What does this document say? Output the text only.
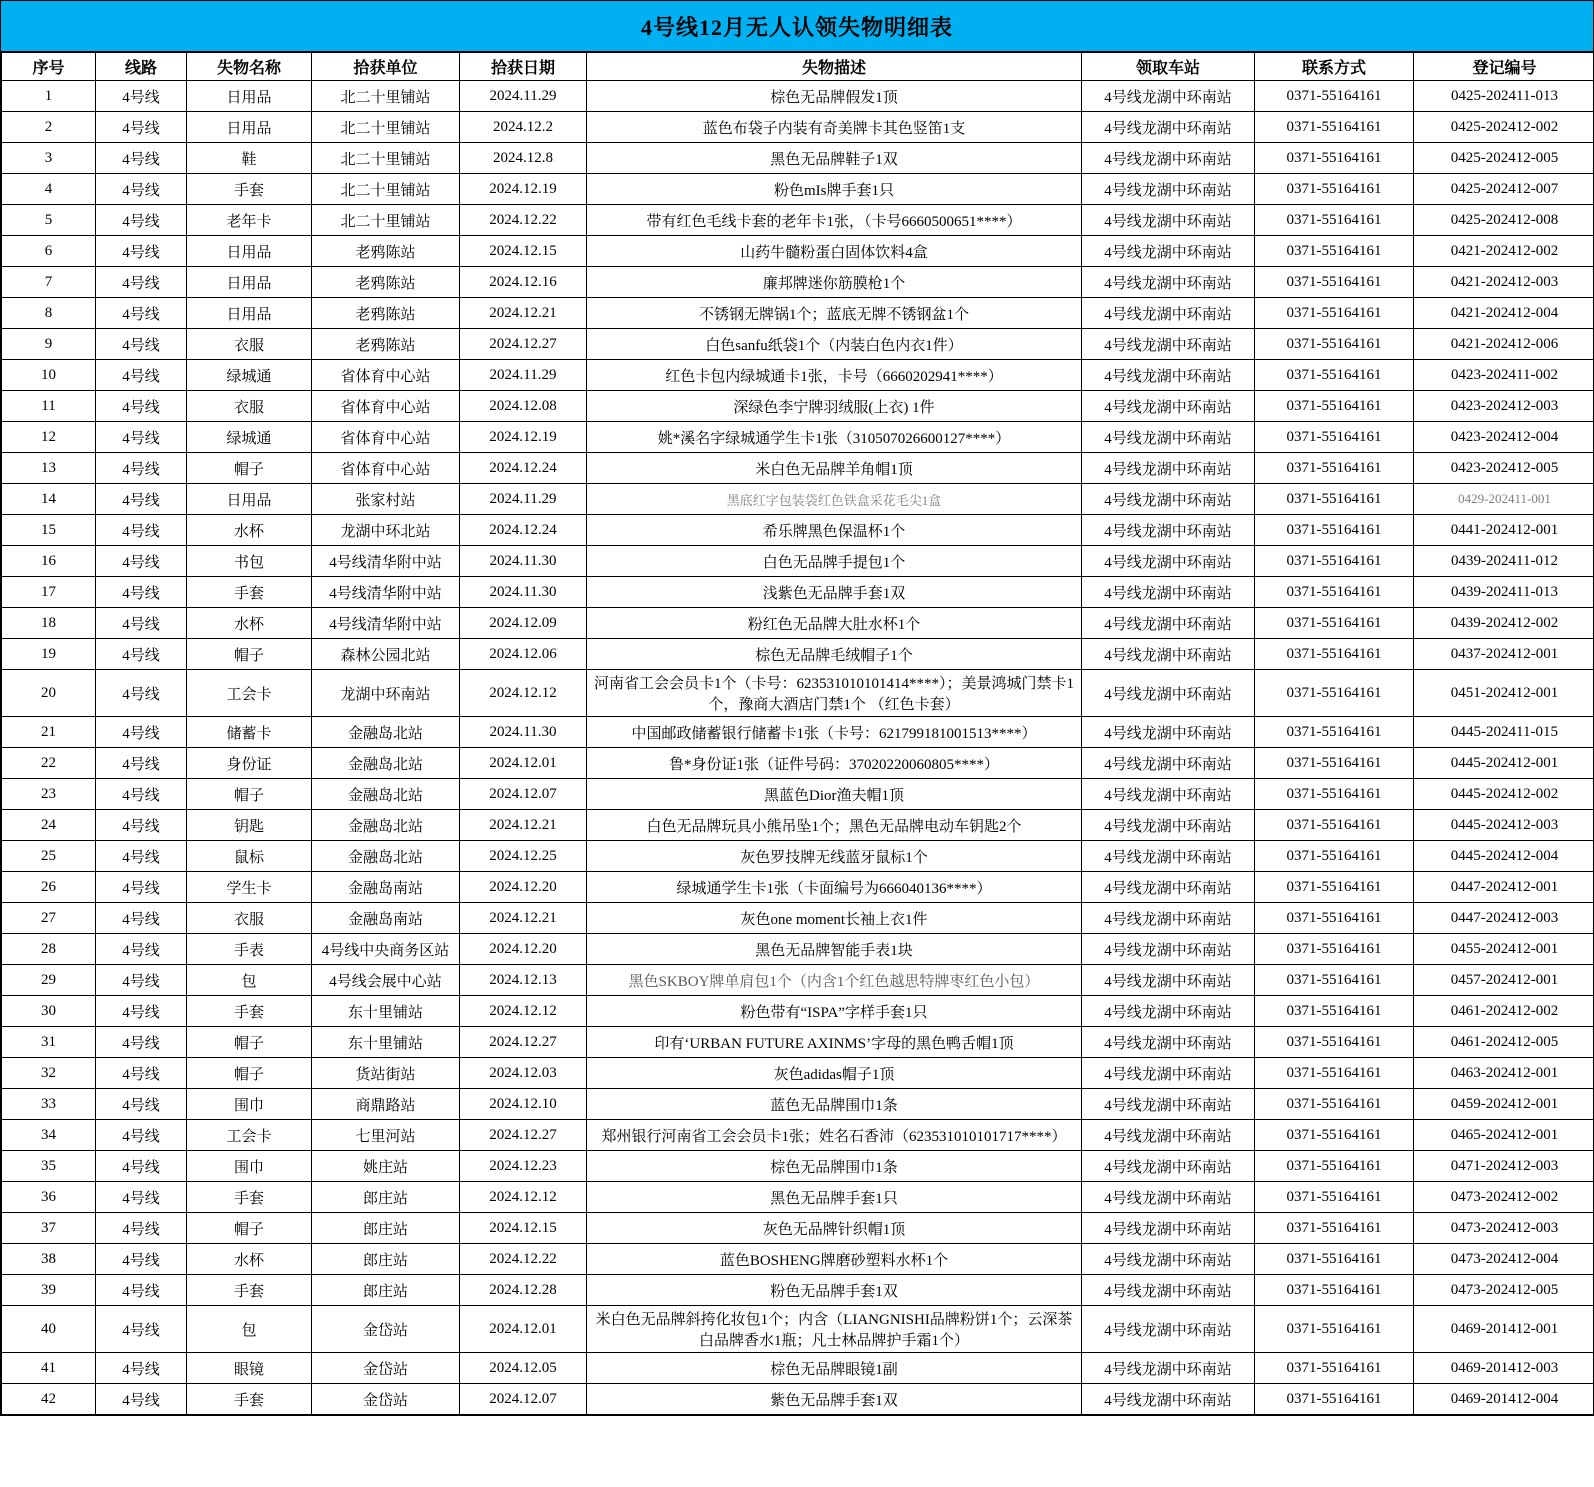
4号线12月无人认领失物明细表
序号	线路	失物名称	拾获单位	拾获日期	失物描述	领取车站	联系方式	登记编号
1	4号线	日用品	北二十里铺站	2024.11.29	棕色无品牌假发1顶	4号线龙湖中环南站	0371-55164161	0425-202411-013
2	4号线	日用品	北二十里铺站	2024.12.2	蓝色布袋子内装有奇美牌卡其色竖笛1支	4号线龙湖中环南站	0371-55164161	0425-202412-002
3	4号线	鞋	北二十里铺站	2024.12.8	黑色无品牌鞋子1双	4号线龙湖中环南站	0371-55164161	0425-202412-005
4	4号线	手套	北二十里铺站	2024.12.19	粉色mIs牌手套1只	4号线龙湖中环南站	0371-55164161	0425-202412-007
5	4号线	老年卡	北二十里铺站	2024.12.22	带有红色毛线卡套的老年卡1张，（卡号6660500651****）	4号线龙湖中环南站	0371-55164161	0425-202412-008
6	4号线	日用品	老鸦陈站	2024.12.15	山药牛髓粉蛋白固体饮料4盒	4号线龙湖中环南站	0371-55164161	0421-202412-002
7	4号线	日用品	老鸦陈站	2024.12.16	廉邦牌迷你筋膜枪1个	4号线龙湖中环南站	0371-55164161	0421-202412-003
8	4号线	日用品	老鸦陈站	2024.12.21	不锈钢无牌锅1个；蓝底无牌不锈钢盆1个	4号线龙湖中环南站	0371-55164161	0421-202412-004
9	4号线	衣服	老鸦陈站	2024.12.27	白色sanfu纸袋1个（内装白色内衣1件）	4号线龙湖中环南站	0371-55164161	0421-202412-006
10	4号线	绿城通	省体育中心站	2024.11.29	红色卡包内绿城通卡1张，卡号（6660202941****）	4号线龙湖中环南站	0371-55164161	0423-202411-002
11	4号线	衣服	省体育中心站	2024.12.08	深绿色李宁牌羽绒服(上衣) 1件	4号线龙湖中环南站	0371-55164161	0423-202412-003
12	4号线	绿城通	省体育中心站	2024.12.19	姚*溪名字绿城通学生卡1张（310507026600127****）	4号线龙湖中环南站	0371-55164161	0423-202412-004
13	4号线	帽子	省体育中心站	2024.12.24	米白色无品牌羊角帽1顶	4号线龙湖中环南站	0371-55164161	0423-202412-005
14	4号线	日用品	张家村站	2024.11.29	黑底红字包装袋红色铁盒采花毛尖1盒	4号线龙湖中环南站	0371-55164161	0429-202411-001
15	4号线	水杯	龙湖中环北站	2024.12.24	希乐牌黑色保温杯1个	4号线龙湖中环南站	0371-55164161	0441-202412-001
16	4号线	书包	4号线清华附中站	2024.11.30	白色无品牌手提包1个	4号线龙湖中环南站	0371-55164161	0439-202411-012
17	4号线	手套	4号线清华附中站	2024.11.30	浅紫色无品牌手套1双	4号线龙湖中环南站	0371-55164161	0439-202411-013
18	4号线	水杯	4号线清华附中站	2024.12.09	粉红色无品牌大肚水杯1个	4号线龙湖中环南站	0371-55164161	0439-202412-002
19	4号线	帽子	森林公园北站	2024.12.06	棕色无品牌毛绒帽子1个	4号线龙湖中环南站	0371-55164161	0437-202412-001
20	4号线	工会卡	龙湖中环南站	2024.12.12	河南省工会会员卡1个（卡号：623531010101414****）；美景鸿城门禁卡1个，豫商大酒店门禁1个 （红色卡套）	4号线龙湖中环南站	0371-55164161	0451-202412-001
21	4号线	储蓄卡	金融岛北站	2024.11.30	中国邮政储蓄银行储蓄卡1张（卡号：621799181001513****）	4号线龙湖中环南站	0371-55164161	0445-202411-015
22	4号线	身份证	金融岛北站	2024.12.01	鲁*身份证1张（证件号码：37020220060805****）	4号线龙湖中环南站	0371-55164161	0445-202412-001
23	4号线	帽子	金融岛北站	2024.12.07	黑蓝色Dior渔夫帽1顶	4号线龙湖中环南站	0371-55164161	0445-202412-002
24	4号线	钥匙	金融岛北站	2024.12.21	白色无品牌玩具小熊吊坠1个；黑色无品牌电动车钥匙2个	4号线龙湖中环南站	0371-55164161	0445-202412-003
25	4号线	鼠标	金融岛北站	2024.12.25	灰色罗技牌无线蓝牙鼠标1个	4号线龙湖中环南站	0371-55164161	0445-202412-004
26	4号线	学生卡	金融岛南站	2024.12.20	绿城通学生卡1张（卡面编号为666040136****）	4号线龙湖中环南站	0371-55164161	0447-202412-001
27	4号线	衣服	金融岛南站	2024.12.21	灰色one moment长袖上衣1件	4号线龙湖中环南站	0371-55164161	0447-202412-003
28	4号线	手表	4号线中央商务区站	2024.12.20	黑色无品牌智能手表1块	4号线龙湖中环南站	0371-55164161	0455-202412-001
29	4号线	包	4号线会展中心站	2024.12.13	黑色SKBOY牌单肩包1个（内含1个红色越思特牌枣红色小包）	4号线龙湖中环南站	0371-55164161	0457-202412-001
30	4号线	手套	东十里铺站	2024.12.12	粉色带有“ISPA”字样手套1只	4号线龙湖中环南站	0371-55164161	0461-202412-002
31	4号线	帽子	东十里铺站	2024.12.27	印有‘URBAN FUTURE AXINMS’字母的黑色鸭舌帽1顶	4号线龙湖中环南站	0371-55164161	0461-202412-005
32	4号线	帽子	货站街站	2024.12.03	灰色adidas帽子1顶	4号线龙湖中环南站	0371-55164161	0463-202412-001
33	4号线	围巾	商鼎路站	2024.12.10	蓝色无品牌围巾1条	4号线龙湖中环南站	0371-55164161	0459-202412-001
34	4号线	工会卡	七里河站	2024.12.27	郑州银行河南省工会会员卡1张；姓名石香沛（623531010101717****）	4号线龙湖中环南站	0371-55164161	0465-202412-001
35	4号线	围巾	姚庄站	2024.12.23	棕色无品牌围巾1条	4号线龙湖中环南站	0371-55164161	0471-202412-003
36	4号线	手套	郎庄站	2024.12.12	黑色无品牌手套1只	4号线龙湖中环南站	0371-55164161	0473-202412-002
37	4号线	帽子	郎庄站	2024.12.15	灰色无品牌针织帽1顶	4号线龙湖中环南站	0371-55164161	0473-202412-003
38	4号线	水杯	郎庄站	2024.12.22	蓝色BOSHENG牌磨砂塑料水杯1个	4号线龙湖中环南站	0371-55164161	0473-202412-004
39	4号线	手套	郎庄站	2024.12.28	粉色无品牌手套1双	4号线龙湖中环南站	0371-55164161	0473-202412-005
40	4号线	包	金岱站	2024.12.01	米白色无品牌斜挎化妆包1个；内含（LIANGNISHI品牌粉饼1个；云深茶白品牌香水1瓶；凡士林品牌护手霜1个）	4号线龙湖中环南站	0371-55164161	0469-201412-001
41	4号线	眼镜	金岱站	2024.12.05	棕色无品牌眼镜1副	4号线龙湖中环南站	0371-55164161	0469-201412-003
42	4号线	手套	金岱站	2024.12.07	紫色无品牌手套1双	4号线龙湖中环南站	0371-55164161	0469-201412-004
